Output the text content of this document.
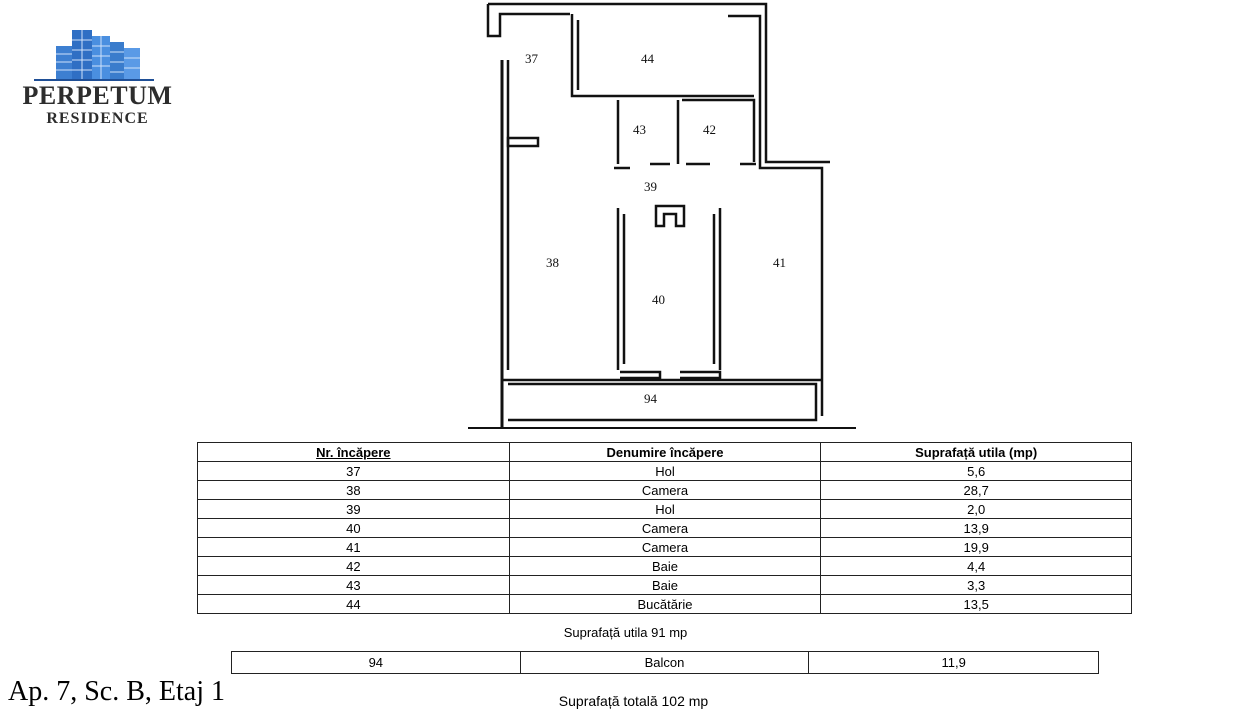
PERPETUM
RESIDENCE
37	44
43	42
39
38	41
40
94
Nr. încăpere	Denumire încăpere	Suprafață utila (mp)
37	Hol	5,6
38	Camera	28,7
39	Hol	2,0
40	Camera	13,9
41	Camera	19,9
42	Baie	4,4
43	Baie	3,3
44	Bucătărie	13,5
Suprafață utila 91 mp
94	Balcon	11,9
Ap. 7, Sc. B, Etaj 1	Suprafață totală 102 mp
